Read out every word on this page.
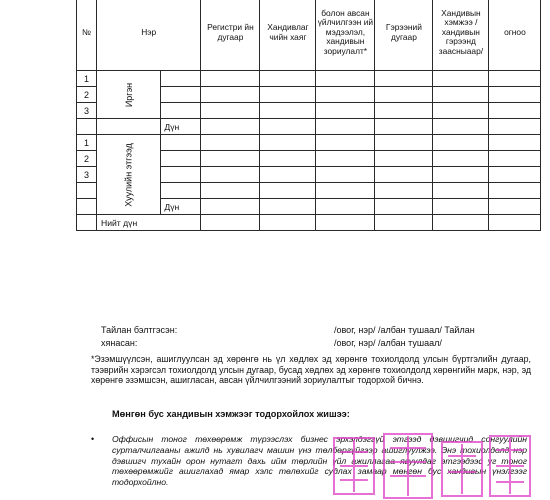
№	Нэр		Регистри йн дугаар	Хандивлаг чийн хаяг	болон авсан үйлчилгээн ий мэдээлэл, хандивын зориулалт*	Гэрээний дугаар	Хандивын хэмжээ /хандивын гэрээнд заасныаар/	огноо
1	Иргэн							
2								
3								
		Дүн						
1	Хуулийн этгээд							
2								
3								

		Дүн						
	Нийт дүн							
Тайлан бэлтгэсэн:	/овог, нэр/ /албан тушаал/ Тайлан
хянасан:	/овог, нэр/ /албан тушаал/
*Эзэмшүүлсэн, ашиглуулсан эд хөрөнгө нь үл хөдлөх эд хөрөнгө тохиолдолд улсын бүртгэлийн дугаар, тээврийн хэрэгсэл тохиолдолд улсын дугаар, бусад хөдлөх эд хөрөнгө тохиолдолд хөрөнгийн марк, нэр, эд хөрөнгө эзэмшсэн, ашигласан, авсан үйлчилгээний зориулалтыг тодорхой бичнэ.
Мөнгөн бус хандивын хэмжээг тодорхойлох жишээ:
• Оффисын тоног төхөөрөмж түрээслэх бизнес эрхэлдэггүй этгээд дэвшигчид сонгуулийн сурталчилгааны ажилд нь хувилагч машин үнэ төлбөргүйгээр ашиглуулжээ. Энэ тохиолдолд нэр дэвшигч тухайн орон нутагт дахь ийм төрлийн үйл ажиллагаа явуулдаг этгээдээс уг тоног төхөөрөмжийг ашиглахад ямар хэлс төлөхийг судлах замаар мөнгөн бус хандивын үнэлгээг тодорхойлно.
